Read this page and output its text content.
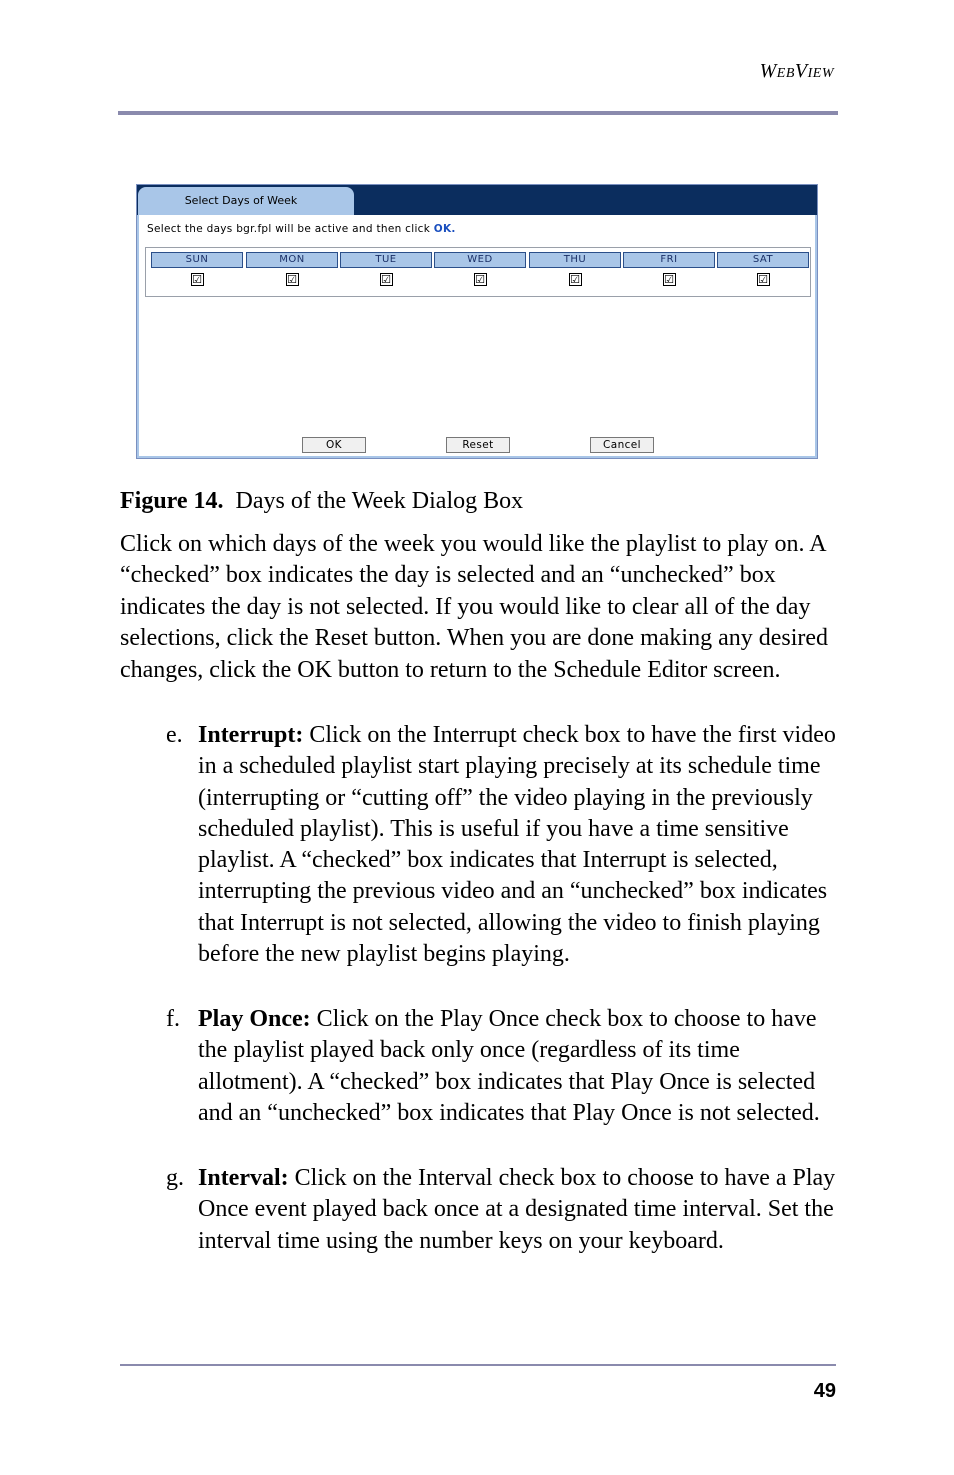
WebView
Select Days of Week
Select the days bgr.fpl will be active and then click OK.
SUN
☑
MON
☑
TUE
☑
WED
☑
THU
☑
FRI
☑
SAT
☑
OK	Reset	Cancel
Figure 14. Days of the Week Dialog Box
Click on which days of the week you would like the playlist to play on. A “checked” box indicates the day is selected and an “unchecked” box indicates the day is not selected. If you would like to clear all of the day selections, click the Reset button. When you are done making any desired changes, click the OK button to return to the Schedule Editor screen.
e. Interrupt: Click on the Interrupt check box to have the first video in a scheduled playlist start playing precisely at its schedule time (interrupting or “cutting off” the video playing in the previously scheduled playlist). This is useful if you have a time sensitive playlist. A “checked” box indicates that Interrupt is selected, interrupting the previous video and an “unchecked” box indicates that Interrupt is not selected, allowing the video to finish playing before the new playlist begins playing.
f. Play Once: Click on the Play Once check box to choose to have the playlist played back only once (regardless of its time allotment). A “checked” box indicates that Play Once is selected and an “unchecked” box indicates that Play Once is not selected.
g. Interval: Click on the Interval check box to choose to have a Play Once event played back once at a designated time interval. Set the interval time using the number keys on your keyboard.
49
